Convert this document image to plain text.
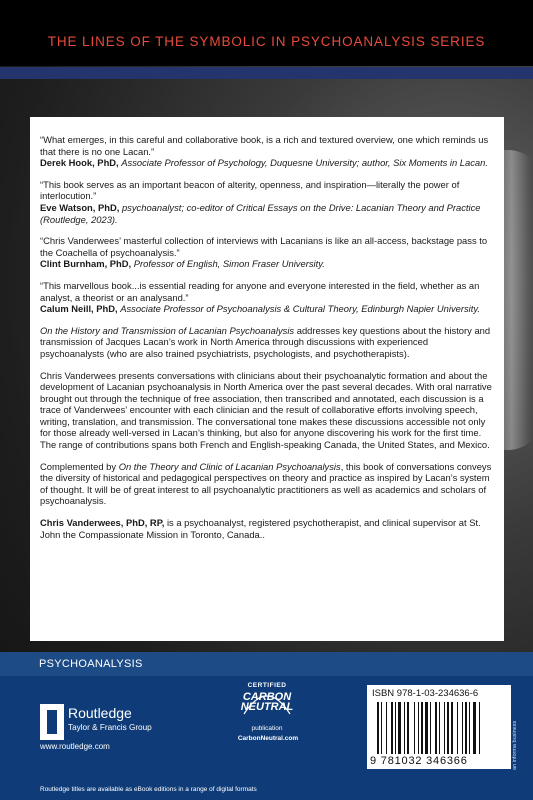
THE LINES OF THE SYMBOLIC IN PSYCHOANALYSIS SERIES

“What emerges, in this careful and collaborative book, is a rich and textured overview, one which reminds us that there is no one Lacan.”
Derek Hook, PhD, Associate Professor of Psychology, Duquesne University; author, Six Moments in Lacan.

“This book serves as an important beacon of alterity, openness, and inspiration—literally the power of interlocution.”
Eve Watson, PhD, psychoanalyst; co-editor of Critical Essays on the Drive: Lacanian Theory and Practice (Routledge, 2023).

“Chris Vanderwees’ masterful collection of interviews with Lacanians is like an all-access, backstage pass to the Coachella of psychoanalysis.”
Clint Burnham, PhD, Professor of English, Simon Fraser University.

“This marvellous book...is essential reading for anyone and everyone interested in the field, whether as an analyst, a theorist or an analysand.”
Calum Neill, PhD, Associate Professor of Psychoanalysis & Cultural Theory, Edinburgh Napier University.

On the History and Transmission of Lacanian Psychoanalysis addresses key questions about the history and transmission of Jacques Lacan’s work in North America through discussions with experienced psychoanalysts (who are also trained psychiatrists, psychologists, and psychotherapists).

Chris Vanderwees presents conversations with clinicians about their psychoanalytic formation and about the development of Lacanian psychoanalysis in North America over the past several decades. With oral narrative brought out through the technique of free association, then transcribed and annotated, each discussion is a trace of Vanderwees’ encounter with each clinician and the result of collaborative efforts involving speech, writing, translation, and transmission. The conversational tone makes these discussions accessible not only for those already well-versed in Lacan’s thinking, but also for anyone discovering his work for the first time. The range of contributions spans both French and English-speaking Canada, the United States, and Mexico.

Complemented by On the Theory and Clinic of Lacanian Psychoanalysis, this book of conversations conveys the diversity of historical and pedagogical perspectives on theory and practice as inspired by Lacan’s system of thought. It will be of great interest to all psychoanalytic practitioners as well as academics and scholars of psychoanalysis.

Chris Vanderwees, PhD, RP, is a psychoanalyst, registered psychotherapist, and clinical supervisor at St. John the Compassionate Mission in Toronto, Canada..

PSYCHOANALYSIS
Routledge
Taylor & Francis Group
www.routledge.com
CERTIFIED
CARBON NEUTRAL
publication
CarbonNeutral.com
ISBN 978-1-03-234636-6
9 781032 346366	an informa business
Routledge titles are available as eBook editions in a range of digital formats
